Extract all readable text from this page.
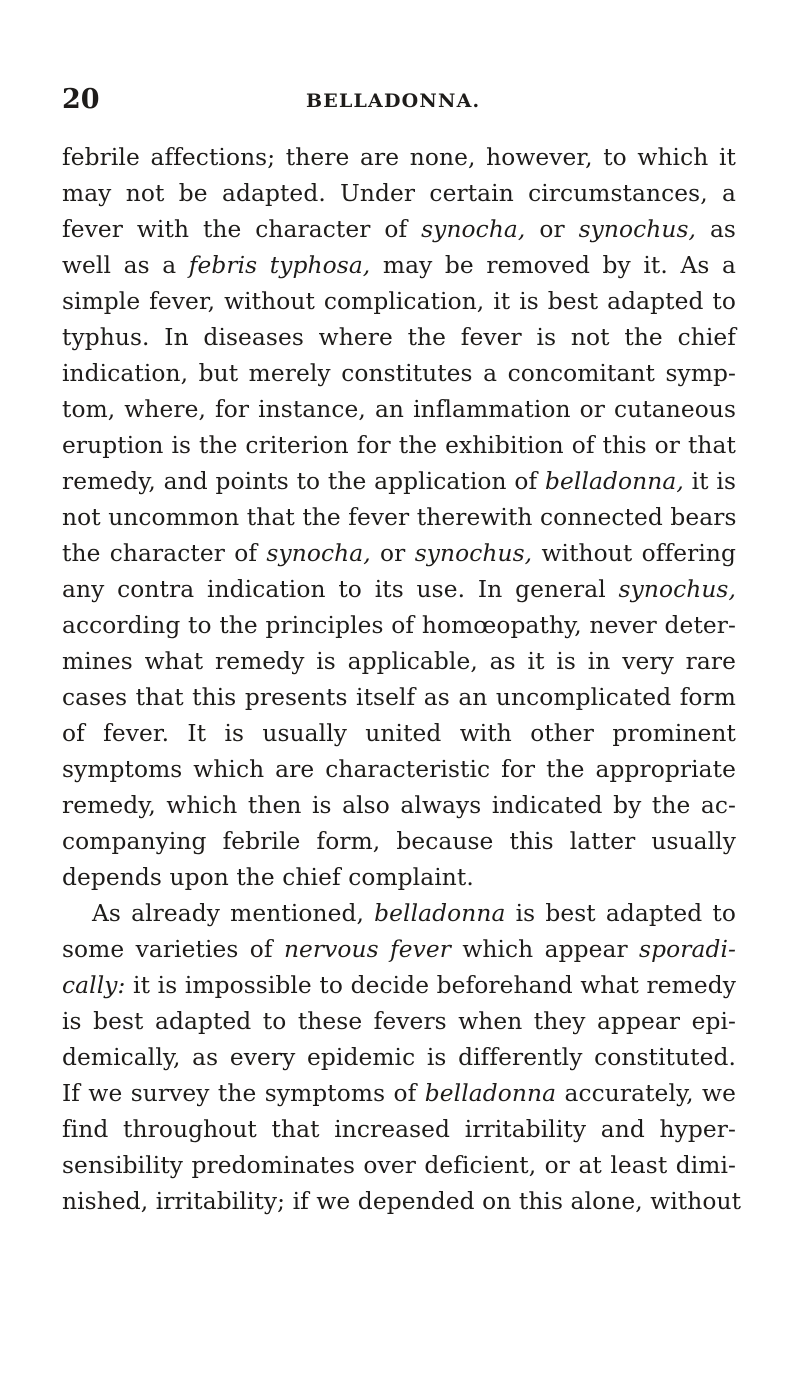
20	BELLADONNA.
febrile affections; there are none, however, to which it
may not be adapted. Under certain circumstances, a
fever with the character of synocha, or synochus, as
well as a febris typhosa, may be removed by it. As a
simple fever, without complication, it is best adapted to
typhus. In diseases where the fever is not the chief
indication, but merely constitutes a concomitant symp-
tom, where, for instance, an inflammation or cutaneous
eruption is the criterion for the exhibition of this or that
remedy, and points to the application of belladonna, it is
not uncommon that the fever therewith connected bears
the character of synocha, or synochus, without offering
any contra indication to its use. In general synochus,
according to the principles of homœopathy, never deter-
mines what remedy is applicable, as it is in very rare
cases that this presents itself as an uncomplicated form
of fever. It is usually united with other prominent
symptoms which are characteristic for the appropriate
remedy, which then is also always indicated by the ac-
companying febrile form, because this latter usually
depends upon the chief complaint.
As already mentioned, belladonna is best adapted to
some varieties of nervous fever which appear sporadi-
cally: it is impossible to decide beforehand what remedy
is best adapted to these fevers when they appear epi-
demically, as every epidemic is differently constituted.
If we survey the symptoms of belladonna accurately, we
find throughout that increased irritability and hyper-
sensibility predominates over deficient, or at least dimi-
nished, irritability; if we depended on this alone, without
